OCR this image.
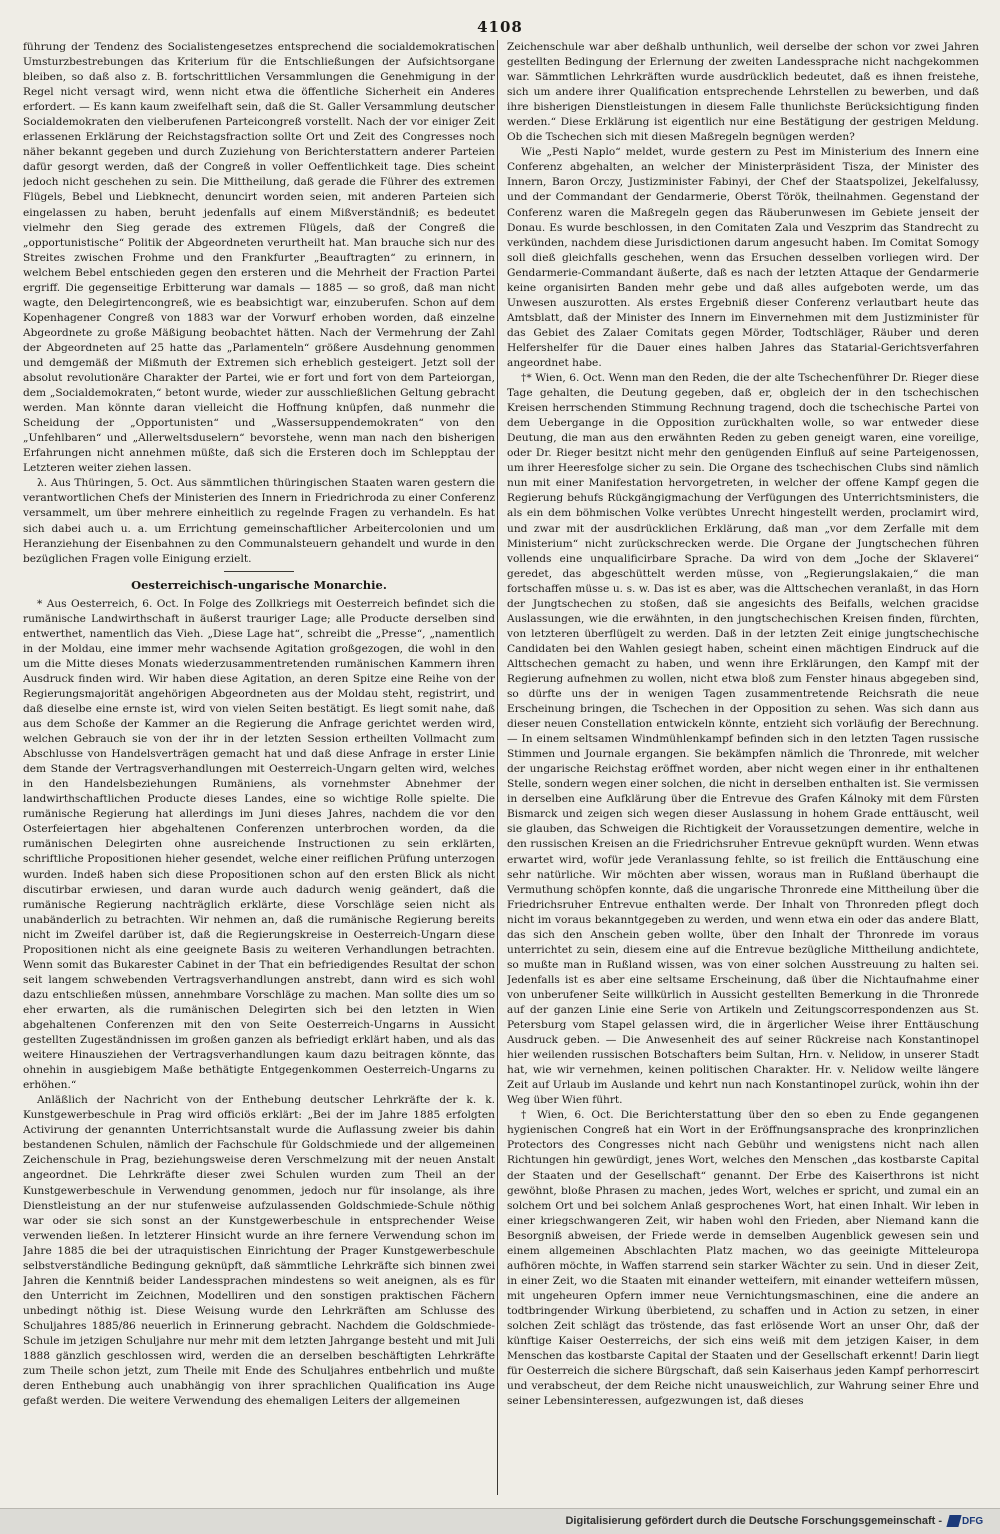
4108

führung der Tendenz des Socialistengesetzes entsprechend die socialdemokratischen Umsturzbestrebungen das Kriterium für die Entschließungen der Aufsichtsorgane bleiben, so daß also z. B. fortschrittlichen Versammlungen die Genehmigung in der Regel nicht versagt wird, wenn nicht etwa die öffentliche Sicherheit ein Anderes erfordert. — Es kann kaum zweifelhaft sein, daß die St. Galler Versammlung deutscher Socialdemokraten den vielberufenen Parteicongreß vorstellt. Nach der vor einiger Zeit erlassenen Erklärung der Reichstagsfraction sollte Ort und Zeit des Congresses noch näher bekannt gegeben und durch Zuziehung von Berichterstattern anderer Parteien dafür gesorgt werden, daß der Congreß in voller Oeffentlichkeit tage. Dies scheint jedoch nicht geschehen zu sein. Die Mittheilung, daß gerade die Führer des extremen Flügels, Bebel und Liebknecht, denuncirt worden seien, mit anderen Parteien sich eingelassen zu haben, beruht jedenfalls auf einem Mißverständniß; es bedeutet vielmehr den Sieg gerade des extremen Flügels, daß der Congreß die „opportunistische“ Politik der Abgeordneten verurtheilt hat. Man brauche sich nur des Streites zwischen Frohme und den Frankfurter „Beauftragten“ zu erinnern, in welchem Bebel entschieden gegen den ersteren und die Mehrheit der Fraction Partei ergriff. Die gegenseitige Erbitterung war damals — 1885 — so groß, daß man nicht wagte, den Delegirtencongreß, wie es beabsichtigt war, einzuberufen. Schon auf dem Kopenhagener Congreß von 1883 war der Vorwurf erhoben worden, daß einzelne Abgeordnete zu große Mäßigung beobachtet hätten. Nach der Vermehrung der Zahl der Abgeordneten auf 25 hatte das „Parlamenteln“ größere Ausdehnung genommen und demgemäß der Mißmuth der Extremen sich erheblich gesteigert. Jetzt soll der absolut revolutionäre Charakter der Partei, wie er fort und fort von dem Parteiorgan, dem „Socialdemokraten,“ betont wurde, wieder zur ausschließlichen Geltung gebracht werden. Man könnte daran vielleicht die Hoffnung knüpfen, daß nunmehr die Scheidung der „Opportunisten“ und „Wassersuppendemokraten“ von den „Unfehlbaren“ und „Allerweltsduselern“ bevorstehe, wenn man nach den bisherigen Erfahrungen nicht annehmen müßte, daß sich die Ersteren doch im Schlepptau der Letzteren weiter ziehen lassen.

λ. Aus Thüringen, 5. Oct. Aus sämmtlichen thüringischen Staaten waren gestern die verantwortlichen Chefs der Ministerien des Innern in Friedrichroda zu einer Conferenz versammelt, um über mehrere einheitlich zu regelnde Fragen zu verhandeln. Es hat sich dabei auch u. a. um Errichtung gemeinschaftlicher Arbeitercolonien und um Heranziehung der Eisenbahnen zu den Communalsteuern gehandelt und wurde in den bezüglichen Fragen volle Einigung erzielt.

Oesterreichisch-ungarische Monarchie.

* Aus Oesterreich, 6. Oct. In Folge des Zollkriegs mit Oesterreich befindet sich die rumänische Landwirthschaft in äußerst trauriger Lage; alle Producte derselben sind entwerthet, namentlich das Vieh. „Diese Lage hat“, schreibt die „Presse“, „namentlich in der Moldau, eine immer mehr wachsende Agitation großgezogen, die wohl in den um die Mitte dieses Monats wiederzusammentretenden rumänischen Kammern ihren Ausdruck finden wird. Wir haben diese Agitation, an deren Spitze eine Reihe von der Regierungsmajorität angehörigen Abgeordneten aus der Moldau steht, registrirt, und daß dieselbe eine ernste ist, wird von vielen Seiten bestätigt. Es liegt somit nahe, daß aus dem Schoße der Kammer an die Regierung die Anfrage gerichtet werden wird, welchen Gebrauch sie von der ihr in der letzten Session ertheilten Vollmacht zum Abschlusse von Handelsverträgen gemacht hat und daß diese Anfrage in erster Linie dem Stande der Vertragsverhandlungen mit Oesterreich-Ungarn gelten wird, welches in den Handelsbeziehungen Rumäniens, als vornehmster Abnehmer der landwirthschaftlichen Producte dieses Landes, eine so wichtige Rolle spielte. Die rumänische Regierung hat allerdings im Juni dieses Jahres, nachdem die vor den Osterfeiertagen hier abgehaltenen Conferenzen unterbrochen worden, da die rumänischen Delegirten ohne ausreichende Instructionen zu sein erklärten, schriftliche Propositionen hieher gesendet, welche einer reiflichen Prüfung unterzogen wurden. Indeß haben sich diese Propositionen schon auf den ersten Blick als nicht discutirbar erwiesen, und daran wurde auch dadurch wenig geändert, daß die rumänische Regierung nachträglich erklärte, diese Vorschläge seien nicht als unabänderlich zu betrachten. Wir nehmen an, daß die rumänische Regierung bereits nicht im Zweifel darüber ist, daß die Regierungskreise in Oesterreich-Ungarn diese Propositionen nicht als eine geeignete Basis zu weiteren Verhandlungen betrachten. Wenn somit das Bukarester Cabinet in der That ein befriedigendes Resultat der schon seit langem schwebenden Vertragsverhandlungen anstrebt, dann wird es sich wohl dazu entschließen müssen, annehmbare Vorschläge zu machen. Man sollte dies um so eher erwarten, als die rumänischen Delegirten sich bei den letzten in Wien abgehaltenen Conferenzen mit den von Seite Oesterreich-Ungarns in Aussicht gestellten Zugeständnissen im großen ganzen als befriedigt erklärt haben, und als das weitere Hinausziehen der Vertragsverhandlungen kaum dazu beitragen könnte, das ohnehin in ausgiebigem Maße bethätigte Entgegenkommen Oesterreich-Ungarns zu erhöhen.“

Anläßlich der Nachricht von der Enthebung deutscher Lehrkräfte der k. k. Kunstgewerbeschule in Prag wird officiös erklärt: „Bei der im Jahre 1885 erfolgten Activirung der genannten Unterrichtsanstalt wurde die Auflassung zweier bis dahin bestandenen Schulen, nämlich der Fachschule für Goldschmiede und der allgemeinen Zeichenschule in Prag, beziehungsweise deren Verschmelzung mit der neuen Anstalt angeordnet. Die Lehrkräfte dieser zwei Schulen wurden zum Theil an der Kunstgewerbeschule in Verwendung genommen, jedoch nur für insolange, als ihre Dienstleistung an der nur stufenweise aufzulassenden Goldschmiede-Schule nöthig war oder sie sich sonst an der Kunstgewerbeschule in entsprechender Weise verwenden ließen. In letzterer Hinsicht wurde an ihre fernere Verwendung schon im Jahre 1885 die bei der utraquistischen Einrichtung der Prager Kunstgewerbeschule selbstverständliche Bedingung geknüpft, daß sämmtliche Lehrkräfte sich binnen zwei Jahren die Kenntniß beider Landessprachen mindestens so weit aneignen, als es für den Unterricht im Zeichnen, Modelliren und den sonstigen praktischen Fächern unbedingt nöthig ist. Diese Weisung wurde den Lehrkräften am Schlusse des Schuljahres 1885/86 neuerlich in Erinnerung gebracht. Nachdem die Goldschmiede-Schule im jetzigen Schuljahre nur mehr mit dem letzten Jahrgange besteht und mit Juli 1888 gänzlich geschlossen wird, werden die an derselben beschäftigten Lehrkräfte zum Theile schon jetzt, zum Theile mit Ende des Schuljahres entbehrlich und mußte deren Enthebung auch unabhängig von ihrer sprachlichen Qualification ins Auge gefaßt werden. Die weitere Verwendung des ehemaligen Leiters der allgemeinen

Zeichenschule war aber deßhalb unthunlich, weil derselbe der schon vor zwei Jahren gestellten Bedingung der Erlernung der zweiten Landessprache nicht nachgekommen war. Sämmtlichen Lehrkräften wurde ausdrücklich bedeutet, daß es ihnen freistehe, sich um andere ihrer Qualification entsprechende Lehrstellen zu bewerben, und daß ihre bisherigen Dienstleistungen in diesem Falle thunlichste Berücksichtigung finden werden.“ Diese Erklärung ist eigentlich nur eine Bestätigung der gestrigen Meldung. Ob die Tschechen sich mit diesen Maßregeln begnügen werden?

Wie „Pesti Naplo“ meldet, wurde gestern zu Pest im Ministerium des Innern eine Conferenz abgehalten, an welcher der Ministerpräsident Tisza, der Minister des Innern, Baron Orczy, Justizminister Fabinyi, der Chef der Staatspolizei, Jekelfalussy, und der Commandant der Gendarmerie, Oberst Török, theilnahmen. Gegenstand der Conferenz waren die Maßregeln gegen das Räuberunwesen im Gebiete jenseit der Donau. Es wurde beschlossen, in den Comitaten Zala und Veszprim das Standrecht zu verkünden, nachdem diese Jurisdictionen darum angesucht haben. Im Comitat Somogy soll dieß gleichfalls geschehen, wenn das Ersuchen desselben vorliegen wird. Der Gendarmerie-Commandant äußerte, daß es nach der letzten Attaque der Gendarmerie keine organisirten Banden mehr gebe und daß alles aufgeboten werde, um das Unwesen auszurotten. Als erstes Ergebniß dieser Conferenz verlautbart heute das Amtsblatt, daß der Minister des Innern im Einvernehmen mit dem Justizminister für das Gebiet des Zalaer Comitats gegen Mörder, Todtschläger, Räuber und deren Helfershelfer für die Dauer eines halben Jahres das Statarial-Gerichtsverfahren angeordnet habe.

†* Wien, 6. Oct. Wenn man den Reden, die der alte Tschechenführer Dr. Rieger diese Tage gehalten, die Deutung gegeben, daß er, obgleich der in den tschechischen Kreisen herrschenden Stimmung Rechnung tragend, doch die tschechische Partei von dem Uebergange in die Opposition zurückhalten wolle, so war entweder diese Deutung, die man aus den erwähnten Reden zu geben geneigt waren, eine voreilige, oder Dr. Rieger besitzt nicht mehr den genügenden Einfluß auf seine Parteigenossen, um ihrer Heeresfolge sicher zu sein. Die Organe des tschechischen Clubs sind nämlich nun mit einer Manifestation hervorgetreten, in welcher der offene Kampf gegen die Regierung behufs Rückgängigmachung der Verfügungen des Unterrichtsministers, die als ein dem böhmischen Volke verübtes Unrecht hingestellt werden, proclamirt wird, und zwar mit der ausdrücklichen Erklärung, daß man „vor dem Zerfalle mit dem Ministerium“ nicht zurückschrecken werde. Die Organe der Jungtschechen führen vollends eine unqualificirbare Sprache. Da wird von dem „Joche der Sklaverei“ geredet, das abgeschüttelt werden müsse, von „Regierungslakaien,“ die man fortschaffen müsse u. s. w. Das ist es aber, was die Alttschechen veranlaßt, in das Horn der Jungtschechen zu stoßen, daß sie angesichts des Beifalls, welchen gracidse Auslassungen, wie die erwähnten, in den jungtschechischen Kreisen finden, fürchten, von letzteren überflügelt zu werden. Daß in der letzten Zeit einige jungtschechische Candidaten bei den Wahlen gesiegt haben, scheint einen mächtigen Eindruck auf die Alttschechen gemacht zu haben, und wenn ihre Erklärungen, den Kampf mit der Regierung aufnehmen zu wollen, nicht etwa bloß zum Fenster hinaus abgegeben sind, so dürfte uns der in wenigen Tagen zusammentretende Reichsrath die neue Erscheinung bringen, die Tschechen in der Opposition zu sehen. Was sich dann aus dieser neuen Constellation entwickeln könnte, entzieht sich vorläufig der Berechnung. — In einem seltsamen Windmühlenkampf befinden sich in den letzten Tagen russische Stimmen und Journale ergangen. Sie bekämpfen nämlich die Thronrede, mit welcher der ungarische Reichstag eröffnet worden, aber nicht wegen einer in ihr enthaltenen Stelle, sondern wegen einer solchen, die nicht in derselben enthalten ist. Sie vermissen in derselben eine Aufklärung über die Entrevue des Grafen Kálnoky mit dem Fürsten Bismarck und zeigen sich wegen dieser Auslassung in hohem Grade enttäuscht, weil sie glauben, das Schweigen die Richtigkeit der Voraussetzungen dementire, welche in den russischen Kreisen an die Friedrichsruher Entrevue geknüpft wurden. Wenn etwas erwartet wird, wofür jede Veranlassung fehlte, so ist freilich die Enttäuschung eine sehr natürliche. Wir möchten aber wissen, woraus man in Rußland überhaupt die Vermuthung schöpfen konnte, daß die ungarische Thronrede eine Mittheilung über die Friedrichsruher Entrevue enthalten werde. Der Inhalt von Thronreden pflegt doch nicht im voraus bekanntgegeben zu werden, und wenn etwa ein oder das andere Blatt, das sich den Anschein geben wollte, über den Inhalt der Thronrede im voraus unterrichtet zu sein, diesem eine auf die Entrevue bezügliche Mittheilung andichtete, so mußte man in Rußland wissen, was von einer solchen Ausstreuung zu halten sei. Jedenfalls ist es aber eine seltsame Erscheinung, daß über die Nichtaufnahme einer von unberufener Seite willkürlich in Aussicht gestellten Bemerkung in die Thronrede auf der ganzen Linie eine Serie von Artikeln und Zeitungscorrespondenzen aus St. Petersburg vom Stapel gelassen wird, die in ärgerlicher Weise ihrer Enttäuschung Ausdruck geben. — Die Anwesenheit des auf seiner Rückreise nach Konstantinopel hier weilenden russischen Botschafters beim Sultan, Hrn. v. Nelidow, in unserer Stadt hat, wie wir vernehmen, keinen politischen Charakter. Hr. v. Nelidow weilte längere Zeit auf Urlaub im Auslande und kehrt nun nach Konstantinopel zurück, wohin ihn der Weg über Wien führt.

† Wien, 6. Oct. Die Berichterstattung über den so eben zu Ende gegangenen hygienischen Congreß hat ein Wort in der Eröffnungsansprache des kronprinzlichen Protectors des Congresses nicht nach Gebühr und wenigstens nicht nach allen Richtungen hin gewürdigt, jenes Wort, welches den Menschen „das kostbarste Capital der Staaten und der Gesellschaft“ genannt. Der Erbe des Kaiserthrons ist nicht gewöhnt, bloße Phrasen zu machen, jedes Wort, welches er spricht, und zumal ein an solchem Ort und bei solchem Anlaß gesprochenes Wort, hat einen Inhalt. Wir leben in einer kriegschwangeren Zeit, wir haben wohl den Frieden, aber Niemand kann die Besorgniß abweisen, der Friede werde in demselben Augenblick gewesen sein und einem allgemeinen Abschlachten Platz machen, wo das geeinigte Mitteleuropa aufhören möchte, in Waffen starrend sein starker Wächter zu sein. Und in dieser Zeit, in einer Zeit, wo die Staaten mit einander wetteifern, mit einander wetteifern müssen, mit ungeheuren Opfern immer neue Vernichtungsmaschinen, eine die andere an todtbringender Wirkung überbietend, zu schaffen und in Action zu setzen, in einer solchen Zeit schlägt das tröstende, das fast erlösende Wort an unser Ohr, daß der künftige Kaiser Oesterreichs, der sich eins weiß mit dem jetzigen Kaiser, in dem Menschen das kostbarste Capital der Staaten und der Gesellschaft erkennt! Darin liegt für Oesterreich die sichere Bürgschaft, daß sein Kaiserhaus jeden Kampf perhorrescirt und verabscheut, der dem Reiche nicht unausweichlich, zur Wahrung seiner Ehre und seiner Lebensinteressen, aufgezwungen ist, daß dieses

Digitalisierung gefördert durch die Deutsche Forschungsgemeinschaft - DFG
